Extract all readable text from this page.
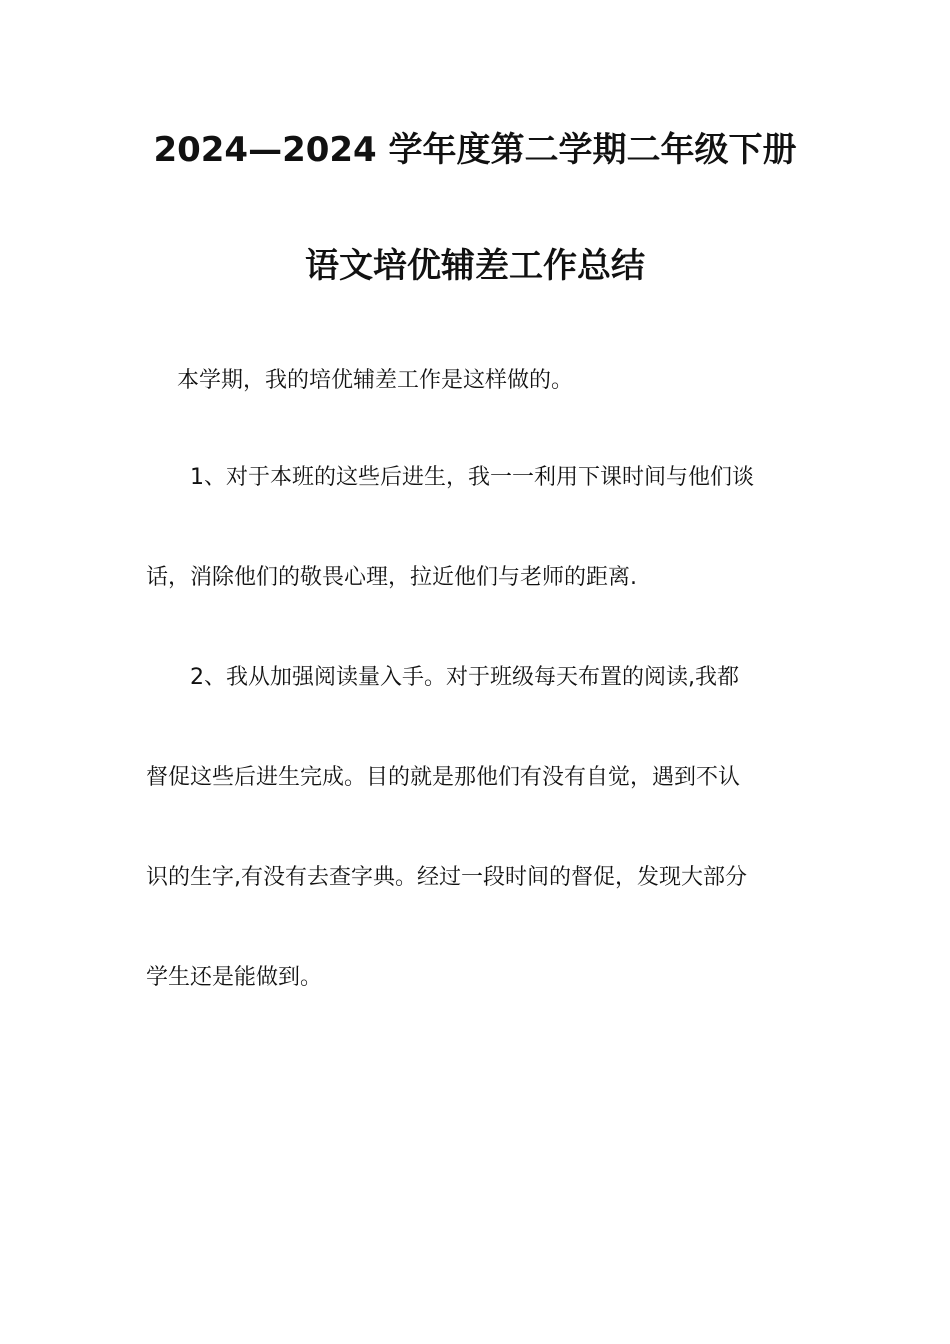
2024—2024 学年度第二学期二年级下册
语文培优辅差工作总结

本学期，我的培优辅差工作是这样做的。

1、对于本班的这些后进生，我一一利用下课时间与他们谈

话，消除他们的敬畏心理，拉近他们与老师的距离.

2、我从加强阅读量入手。对于班级每天布置的阅读,我都

督促这些后进生完成。目的就是那他们有没有自觉，遇到不认

识的生字,有没有去查字典。经过一段时间的督促，发现大部分

学生还是能做到。
